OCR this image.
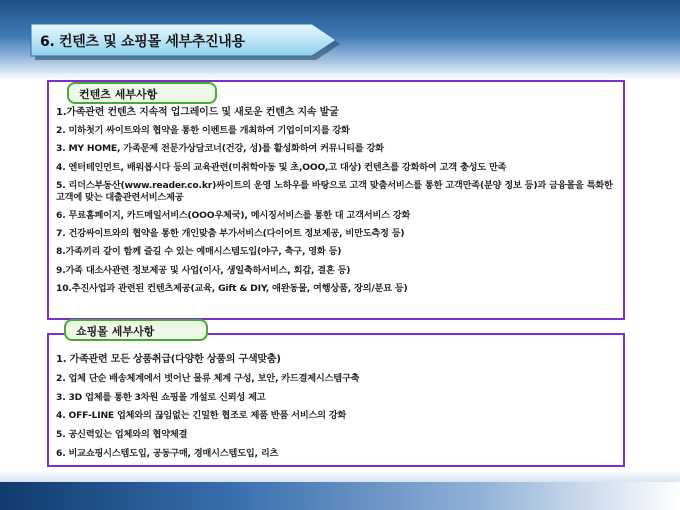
6. 컨텐츠 및 쇼핑몰 세부추진내용
컨텐츠 세부사항
1.가족관련 컨텐츠 지속적 업그레이드 및 새로운 컨텐츠 지속 발굴
2. 미하첫기 싸이트와의 협약을 통한 이벤트를 개최하여 기업이미지를 강화
3. MY HOME, 가족문제 전문가상담코너(건강, 성)를 활성화하여 커뮤니티를 강화
4. 엔터테인먼트, 배워봅시다 등의 교육관련(미취학아동 및 초,OOO,고 대상) 컨텐츠를 강화하여 고객 충성도 만족
5. 리더스부동산(www.reader.co.kr)싸이트의 운영 노하우를 바탕으로 고객 맞춤서비스를 통한 고객만족(분양 정보 등)과 금융몰을 특화한 고객에 맞는 대출관련서비스제공
6. 무료홈페이지, 카드메일서비스(OOO우체국), 메시징서비스를 통한 대 고객서비스 강화
7. 건강싸이트와의 협약을 통한 개인맞춤 부가서비스(다이어트 정보제공, 비만도측정 등)
8.가족끼리 같이 함께 즐길 수 있는 예매시스템도입(야구, 축구, 영화 등)
9.가족 대소사관련 정보제공 및 사업(이사, 생일축하서비스, 회갑, 결혼 등)
10.추진사업과 관련된 컨텐츠제공(교육, Gift & DIY, 애완동물, 여행상품, 장의/분묘 등)
쇼핑몰 세부사항
1. 가족관련 모든 상품취급(다양한 상품의 구색맞춤)
2. 업체 단순 배송체계에서 벗어난 물류 체계 구성, 보안, 카드결제시스템구축
3. 3D 업체를 통한 3차원 쇼핑몰 개설로 신뢰성 제고
4. OFF-LINE 업체와의 끊임없는 긴밀한 협조로 제품 반품 서비스의 강화
5. 공신력있는 업체와의 협약체결
6. 비교쇼핑시스템도입, 공동구매, 경매시스템도입, 리츠
